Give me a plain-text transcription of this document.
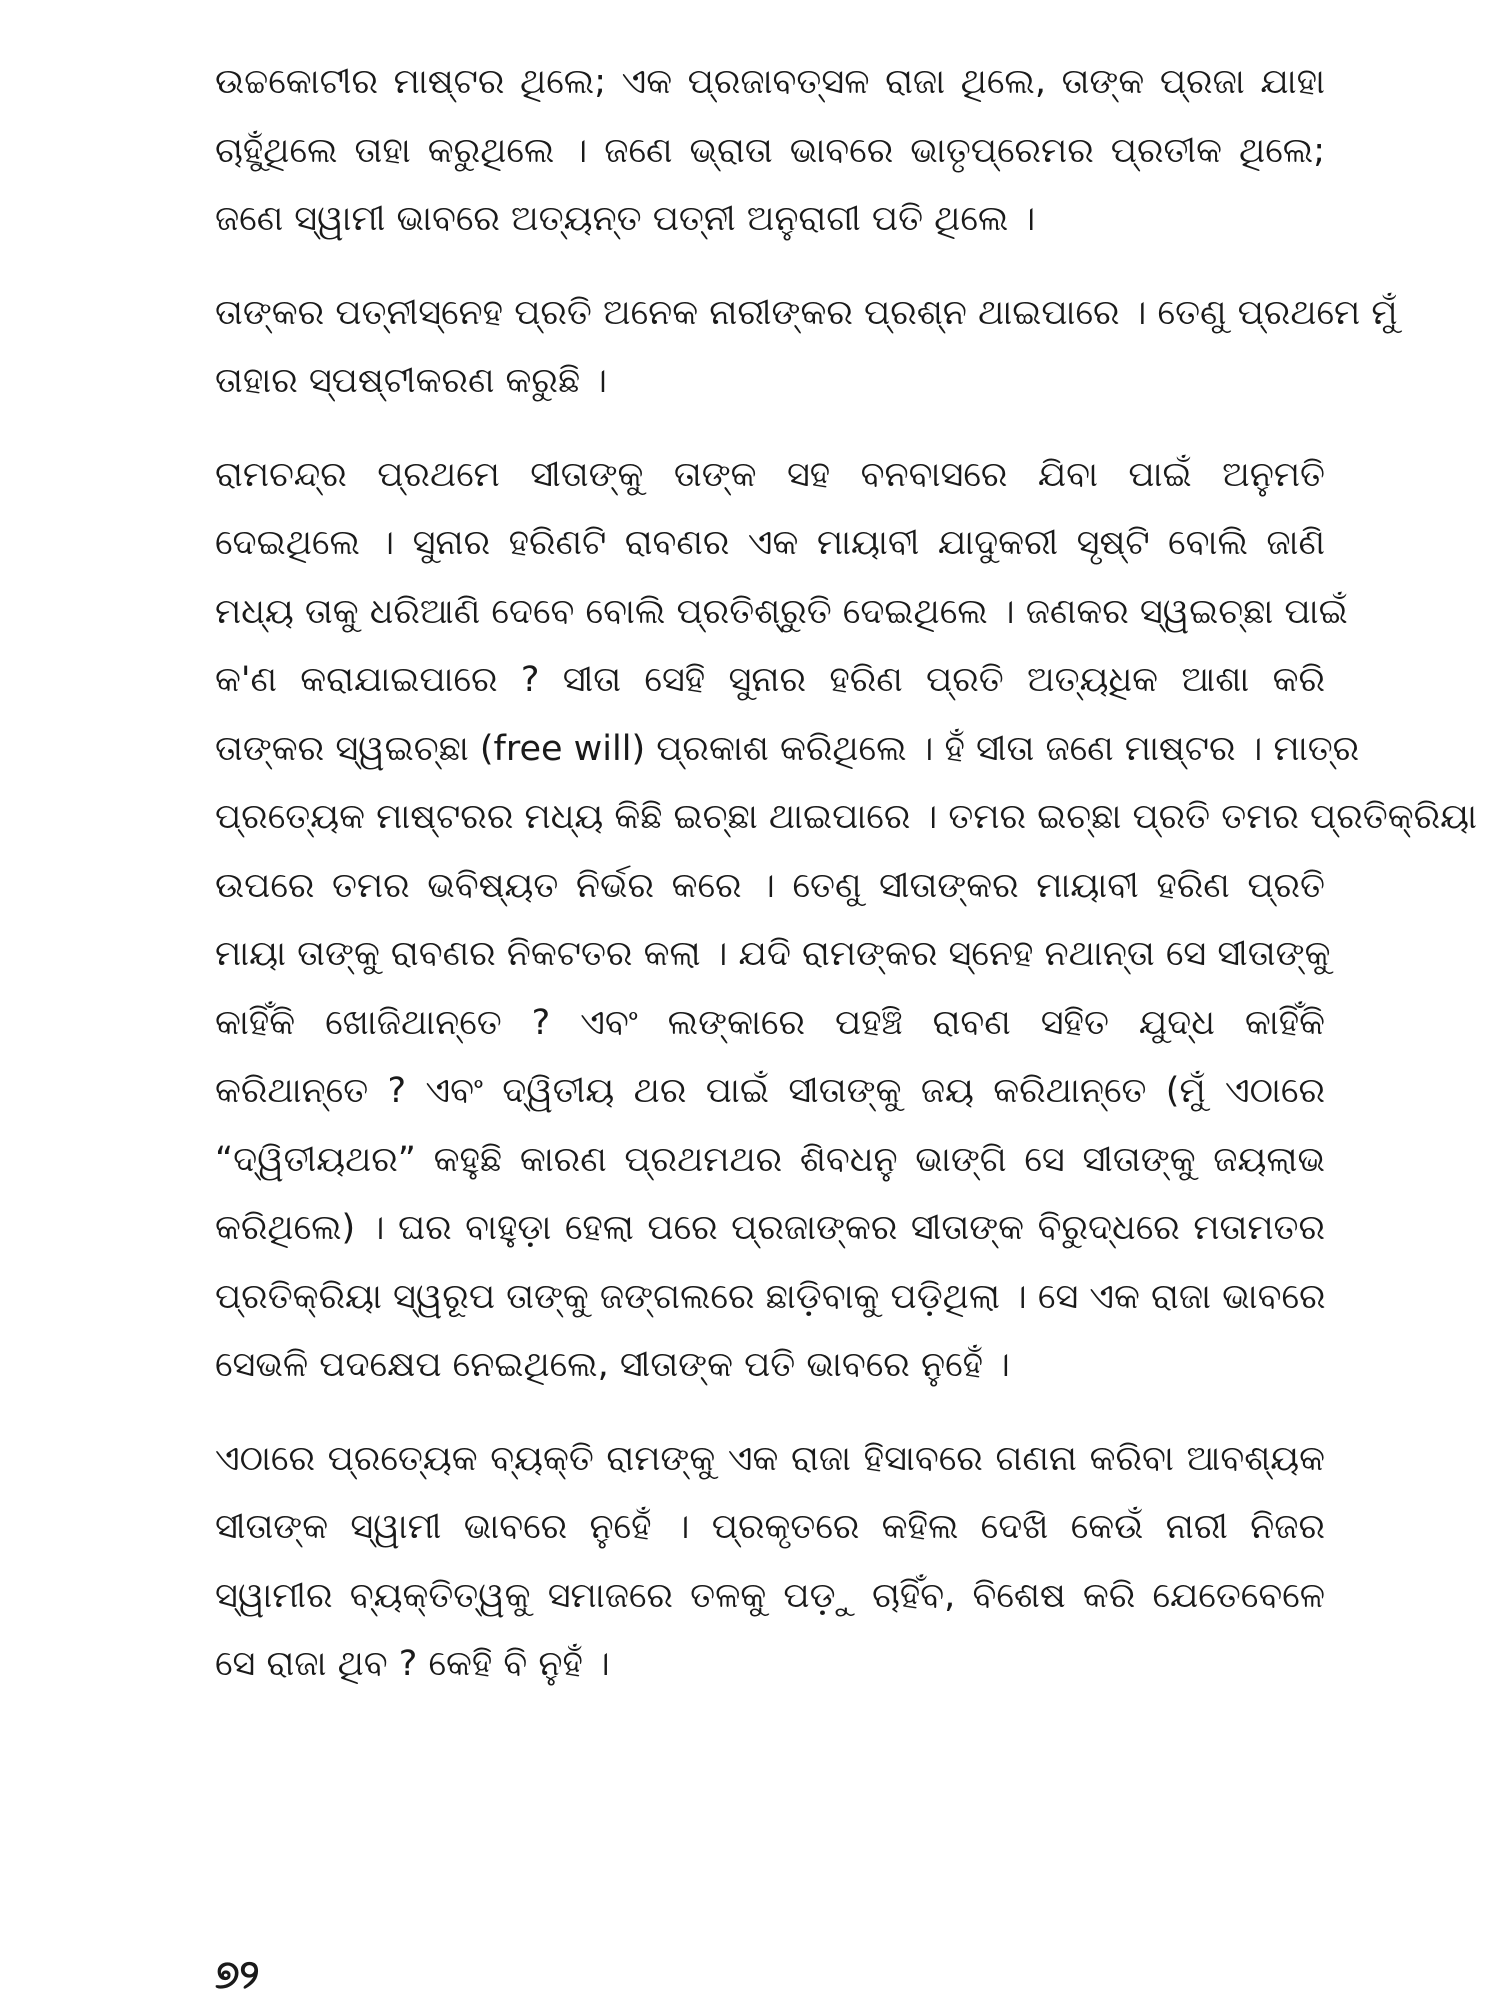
ଉଚ୍ଚକୋଟୀର ମାଷ୍ଟର ଥିଲେ; ଏକ ପ୍ରଜାବତ୍ସଳ ରାଜା ଥିଲେ, ତାଙ୍କ ପ୍ରଜା ଯାହା
ଚାହୁଁଥିଲେ ତାହା କରୁଥିଲେ । ଜଣେ ଭ୍ରାତା ଭାବରେ ଭାତୃପ୍ରେମର ପ୍ରତୀକ ଥିଲେ;
ଜଣେ ସ୍ୱାମୀ ଭାବରେ ଅତ୍ୟନ୍ତ ପତ୍ନୀ ଅନୁରାଗୀ ପତି ଥିଲେ ।

ତାଙ୍କର ପତ୍ନୀସ୍ନେହ ପ୍ରତି ଅନେକ ନାରୀଙ୍କର ପ୍ରଶ୍ନ ଥାଇପାରେ । ତେଣୁ ପ୍ରଥମେ ମୁଁ
ତାହାର ସ୍ପଷ୍ଟୀକରଣ କରୁଛି ।

ରାମଚନ୍ଦ୍ର ପ୍ରଥମେ ସୀତାଙ୍କୁ ତାଙ୍କ ସହ ବନବାସରେ ଯିବା ପାଇଁ ଅନୁମତି
ଦେଇଥିଲେ । ସୁନାର ହରିଣଟି ରାବଣର ଏକ ମାୟାବୀ ଯାଦୁକରୀ ସୃଷ୍ଟି ବୋଲି ଜାଣି
ମଧ୍ୟ ତାକୁ ଧରିଆଣି ଦେବେ ବୋଲି ପ୍ରତିଶ୍ରୁତି ଦେଇଥିଲେ । ଜଣକର ସ୍ୱଇଚ୍ଛା ପାଇଁ
କ'ଣ କରାଯାଇପାରେ ? ସୀତା ସେହି ସୁନାର ହରିଣ ପ୍ରତି ଅତ୍ୟଧିକ ଆଶା କରି
ତାଙ୍କର ସ୍ୱଇଚ୍ଛା (free will) ପ୍ରକାଶ କରିଥିଲେ । ହଁ ସୀତା ଜଣେ ମାଷ୍ଟର । ମାତ୍ର
ପ୍ରତ୍ୟେକ ମାଷ୍ଟରର ମଧ୍ୟ କିଛି ଇଚ୍ଛା ଥାଇପାରେ । ତମର ଇଚ୍ଛା ପ୍ରତି ତମର ପ୍ରତିକ୍ରିୟା
ଉପରେ ତମର ଭବିଷ୍ୟତ ନିର୍ଭର କରେ । ତେଣୁ ସୀତାଙ୍କର ମାୟାବୀ ହରିଣ ପ୍ରତି
ମାୟା ତାଙ୍କୁ ରାବଣର ନିକଟତର କଲା । ଯଦି ରାମଙ୍କର ସ୍ନେହ ନଥାନ୍ତା ସେ ସୀତାଙ୍କୁ
କାହିଁକି ଖୋଜିଥାନ୍ତେ ? ଏବଂ ଲଙ୍କାରେ ପହଞ୍ଚି ରାବଣ ସହିତ ଯୁଦ୍ଧ କାହିଁକି
କରିଥାନ୍ତେ ? ଏବଂ ଦ୍ୱିତୀୟ ଥର ପାଇଁ ସୀତାଙ୍କୁ ଜୟ କରିଥାନ୍ତେ (ମୁଁ ଏଠାରେ
“ଦ୍ୱିତୀୟଥର” କହୁଛି କାରଣ ପ୍ରଥମଥର ଶିବଧନୁ ଭାଙ୍ଗି ସେ ସୀତାଙ୍କୁ ଜୟଲାଭ
କରିଥିଲେ) । ଘର ବାହୁଡ଼ା ହେଲା ପରେ ପ୍ରଜାଙ୍କର ସୀତାଙ୍କ ବିରୁଦ୍ଧରେ ମତାମତର
ପ୍ରତିକ୍ରିୟା ସ୍ୱରୂପ ତାଙ୍କୁ ଜଙ୍ଗଲରେ ଛାଡ଼ିବାକୁ ପଡ଼ିଥିଲା । ସେ ଏକ ରାଜା ଭାବରେ
ସେଭଳି ପଦକ୍ଷେପ ନେଇଥିଲେ, ସୀତାଙ୍କ ପତି ଭାବରେ ନୁହେଁ ।

ଏଠାରେ ପ୍ରତ୍ୟେକ ବ୍ୟକ୍ତି ରାମଙ୍କୁ ଏକ ରାଜା ହିସାବରେ ଗଣନା କରିବା ଆବଶ୍ୟକ
ସୀତାଙ୍କ ସ୍ୱାମୀ ଭାବରେ ନୁହେଁ । ପ୍ରକୃତରେ କହିଲ ଦେଖି କେଉଁ ନାରୀ ନିଜର
ସ୍ୱାମୀର ବ୍ୟକ୍ତିତ୍ୱକୁ ସମାଜରେ ତଳକୁ ପଡ଼ୁ ଚାହିଁବ, ବିଶେଷ କରି ଯେତେବେଳେ
ସେ ରାଜା ଥିବ ? କେହି ବି ନୁହଁ ।

୭୨
